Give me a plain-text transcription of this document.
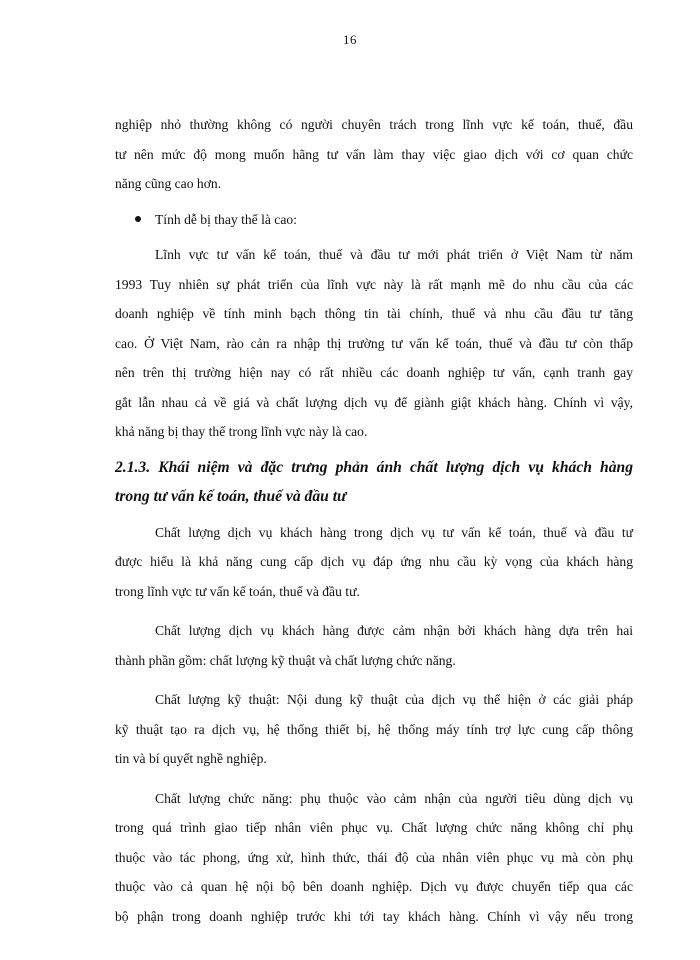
16
nghiệp nhỏ thường không có người chuyên trách trong lĩnh vực kế toán, thuế, đầu
tư nên mức độ mong muốn hãng tư vấn làm thay việc giao dịch với cơ quan chức
năng cũng cao hơn.
Tính dễ bị thay thế là cao:
Lĩnh vực tư vấn kế toán, thuế và đầu tư mới phát triển ở Việt Nam từ năm
1993 Tuy nhiên sự phát triển của lĩnh vực này là rất mạnh mẽ do nhu cầu của các
doanh nghiệp về tính minh bạch thông tin tài chính, thuế và nhu cầu đầu tư tăng
cao. Ở Việt Nam, rào cản ra nhập thị trường tư vấn kế toán, thuế và đầu tư còn thấp
nên trên thị trường hiện nay có rất nhiều các doanh nghiệp tư vấn, cạnh tranh gay
gắt lẫn nhau cả về giá và chất lượng dịch vụ để giành giật khách hàng. Chính vì vậy,
khả năng bị thay thế trong lĩnh vực này là cao.
2.1.3. Khái niệm và đặc trưng phản ánh chất lượng dịch vụ khách hàng
trong tư vấn kế toán, thuế và đầu tư
Chất lượng dịch vụ khách hàng trong dịch vụ tư vấn kế toán, thuế và đầu tư
được hiểu là khả năng cung cấp dịch vụ đáp ứng nhu cầu kỳ vọng của khách hàng
trong lĩnh vực tư vấn kế toán, thuế và đầu tư.
Chất lượng dịch vụ khách hàng được cảm nhận bởi khách hàng dựa trên hai
thành phần gồm: chất lượng kỹ thuật và chất lượng chức năng.
Chất lượng kỹ thuật: Nội dung kỹ thuật của dịch vụ thể hiện ở các giải pháp
kỹ thuật tạo ra dịch vụ, hệ thống thiết bị, hệ thống máy tính trợ lực cung cấp thông
tin và bí quyết nghề nghiệp.
Chất lượng chức năng: phụ thuộc vào cảm nhận của người tiêu dùng dịch vụ
trong quá trình giao tiếp nhân viên phục vụ. Chất lượng chức năng không chỉ phụ
thuộc vào tác phong, ứng xử, hình thức, thái độ của nhân viên phục vụ mà còn phụ
thuộc vào cả quan hệ nội bộ bên doanh nghiệp. Dịch vụ được chuyển tiếp qua các
bộ phận trong doanh nghiệp trước khi tới tay khách hàng. Chính vì vậy nếu trong
